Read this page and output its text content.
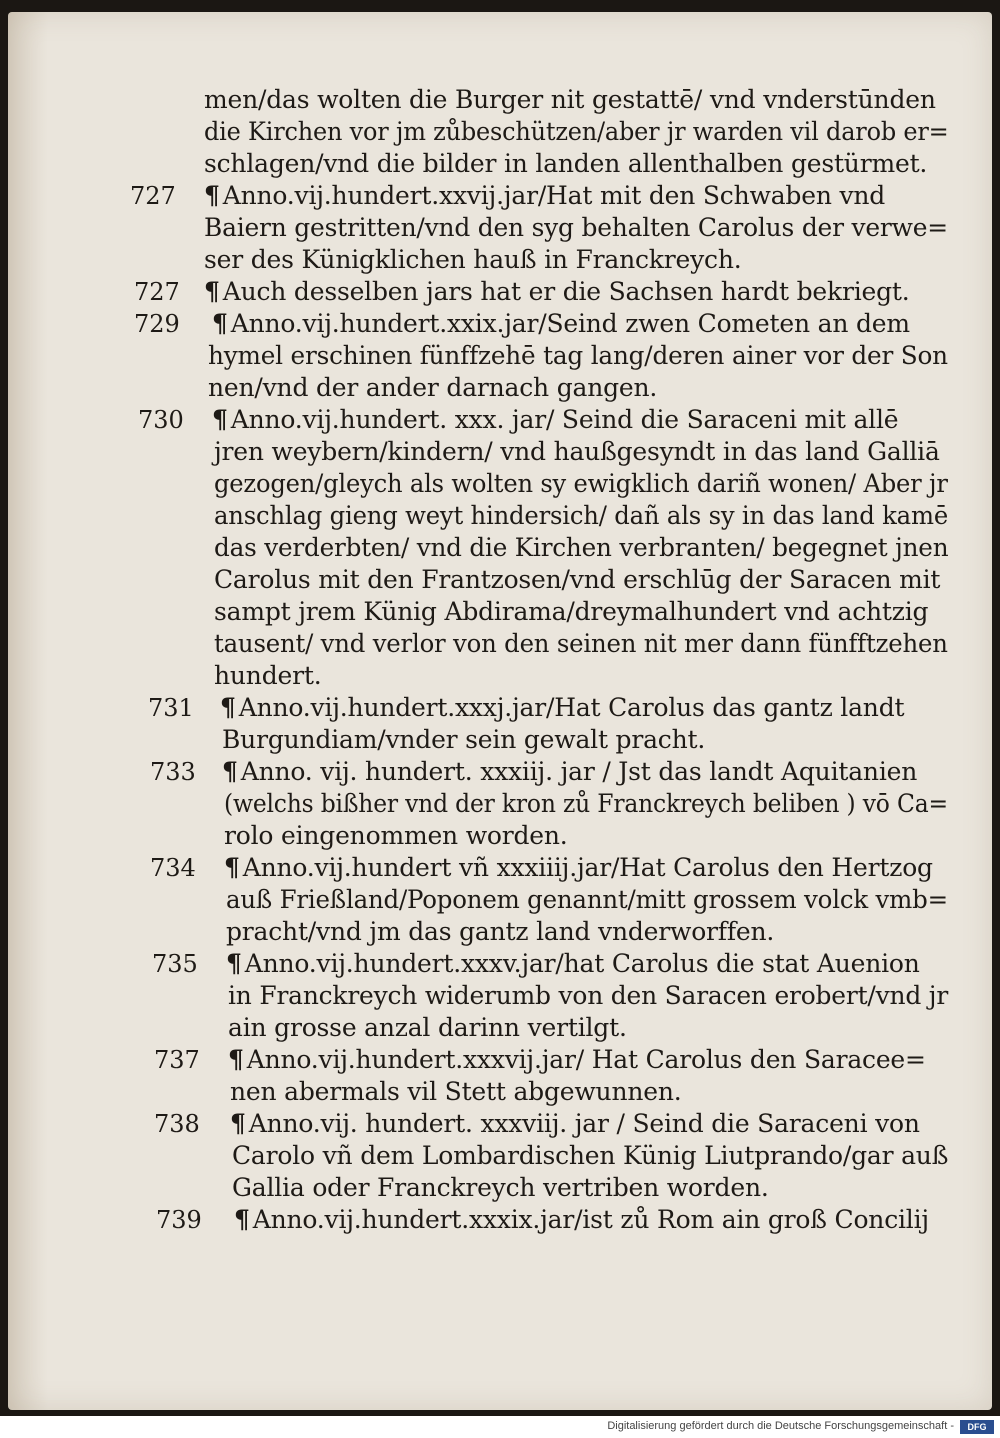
men/das wolten die Burger nit gestattē/ vnd vnderstūnden
die Kirchen vor jm zůbeschützen/aber jr warden vil darob er=
schlagen/vnd die bilder in landen allenthalben gestürmet.
727 ¶ Anno.vij.hundert.xxvij.jar/Hat mit den Schwaben vnd
Baiern gestritten/vnd den syg behalten Carolus der verwe=
ser des Künigklichen hauß in Franckreych.
727 ¶ Auch desselben jars hat er die Sachsen hardt bekriegt.
729 ¶ Anno.vij.hundert.xxix.jar/Seind zwen Cometen an dem
hymel erschinen fünffzehē tag lang/deren ainer vor der Son
nen/vnd der ander darnach gangen.
730 ¶ Anno.vij.hundert. xxx. jar/ Seind die Saraceni mit allē
jren weybern/kindern/ vnd haußgesyndt in das land Galliā
gezogen/gleych als wolten sy ewigklich dariñ wonen/ Aber jr
anschlag gieng weyt hindersich/ dañ als sy in das land kamē
das verderbten/ vnd die Kirchen verbranten/ begegnet jnen
Carolus mit den Frantzosen/vnd erschlūg der Saracen mit
sampt jrem Künig Abdirama/dreymalhundert vnd achtzig
tausent/ vnd verlor von den seinen nit mer dann fünfftzehen
hundert.
731 ¶ Anno.vij.hundert.xxxj.jar/Hat Carolus das gantz landt
Burgundiam/vnder sein gewalt pracht.
733 ¶ Anno. vij. hundert. xxxiij. jar / Jst das landt Aquitanien
(welchs bißher vnd der kron zů Franckreych beliben ) vō Ca=
rolo eingenommen worden.
734 ¶ Anno.vij.hundert vñ xxxiiij.jar/Hat Carolus den Hertzog
auß Frießland/Poponem genannt/mitt grossem volck vmb=
pracht/vnd jm das gantz land vnderworffen.
735 ¶ Anno.vij.hundert.xxxv.jar/hat Carolus die stat Auenion
in Franckreych widerumb von den Saracen erobert/vnd jr
ain grosse anzal darinn vertilgt.
737 ¶ Anno.vij.hundert.xxxvij.jar/ Hat Carolus den Saracee=
nen abermals vil Stett abgewunnen.
738 ¶ Anno.vij. hundert. xxxviij. jar / Seind die Saraceni von
Carolo vñ dem Lombardischen Künig Liutprando/gar auß
Gallia oder Franckreych vertriben worden.
739 ¶ Anno.vij.hundert.xxxix.jar/ist zů Rom ain groß Concilij
Digitalisierung gefördert durch die Deutsche Forschungsgemeinschaft -	DFG
